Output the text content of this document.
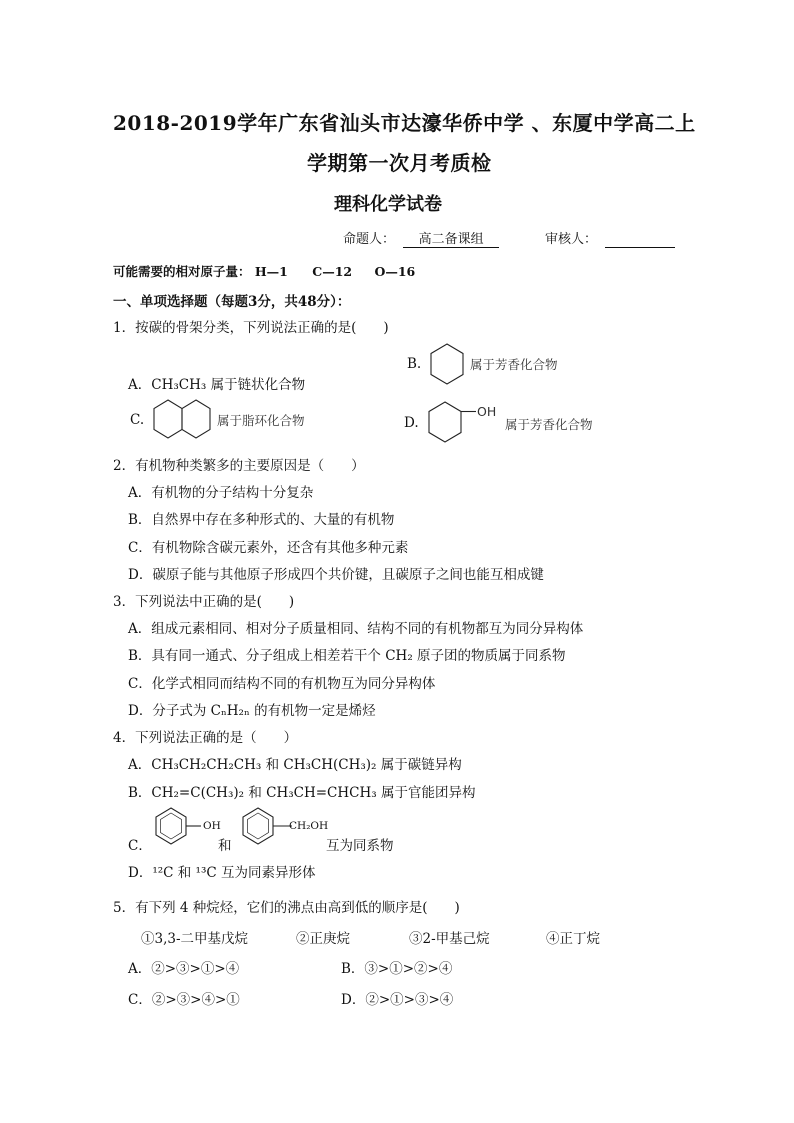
2018-2019学年广东省汕头市达濠华侨中学 、东厦中学高二上
学期第一次月考质检
理科化学试卷
命题人： 高二备课组	审核人：
可能需要的相对原子量： H—1 C—12 O—16
一、单项选择题（每题3分，共48分）：
1．按碳的骨架分类，下列说法正确的是(　　)
A．CH₃CH₃ 属于链状化合物
B.	属于芳香化合物
C.	属于脂环化合物	D.
OH
属于芳香化合物
2．有机物种类繁多的主要原因是（　　）
A．有机物的分子结构十分复杂
B．自然界中存在多种形式的、大量的有机物
C．有机物除含碳元素外，还含有其他多种元素
D．碳原子能与其他原子形成四个共价键，且碳原子之间也能互相成键
3．下列说法中正确的是(　　)
A．组成元素相同、相对分子质量相同、结构不同的有机物都互为同分异构体
B．具有同一通式、分子组成上相差若干个 CH₂ 原子团的物质属于同系物
C．化学式相同而结构不同的有机物互为同分异构体
D．分子式为 CₙH₂ₙ 的有机物一定是烯烃
4．下列说法正确的是（　　）
A．CH₃CH₂CH₂CH₃ 和 CH₃CH(CH₃)₂ 属于碳链异构
B．CH₂=C(CH₃)₂ 和 CH₃CH=CHCH₃ 属于官能团异构
C．
OH
和
CH₂OH
互为同系物
D．¹²C 和 ¹³C 互为同素异形体
5．有下列 4 种烷烃，它们的沸点由高到低的顺序是(　　)
①3,3-二甲基戊烷	②正庚烷	③2-甲基己烷	④正丁烷
A．②>③>①>④	B．③>①>②>④
C．②>③>④>①	D．②>①>③>④
